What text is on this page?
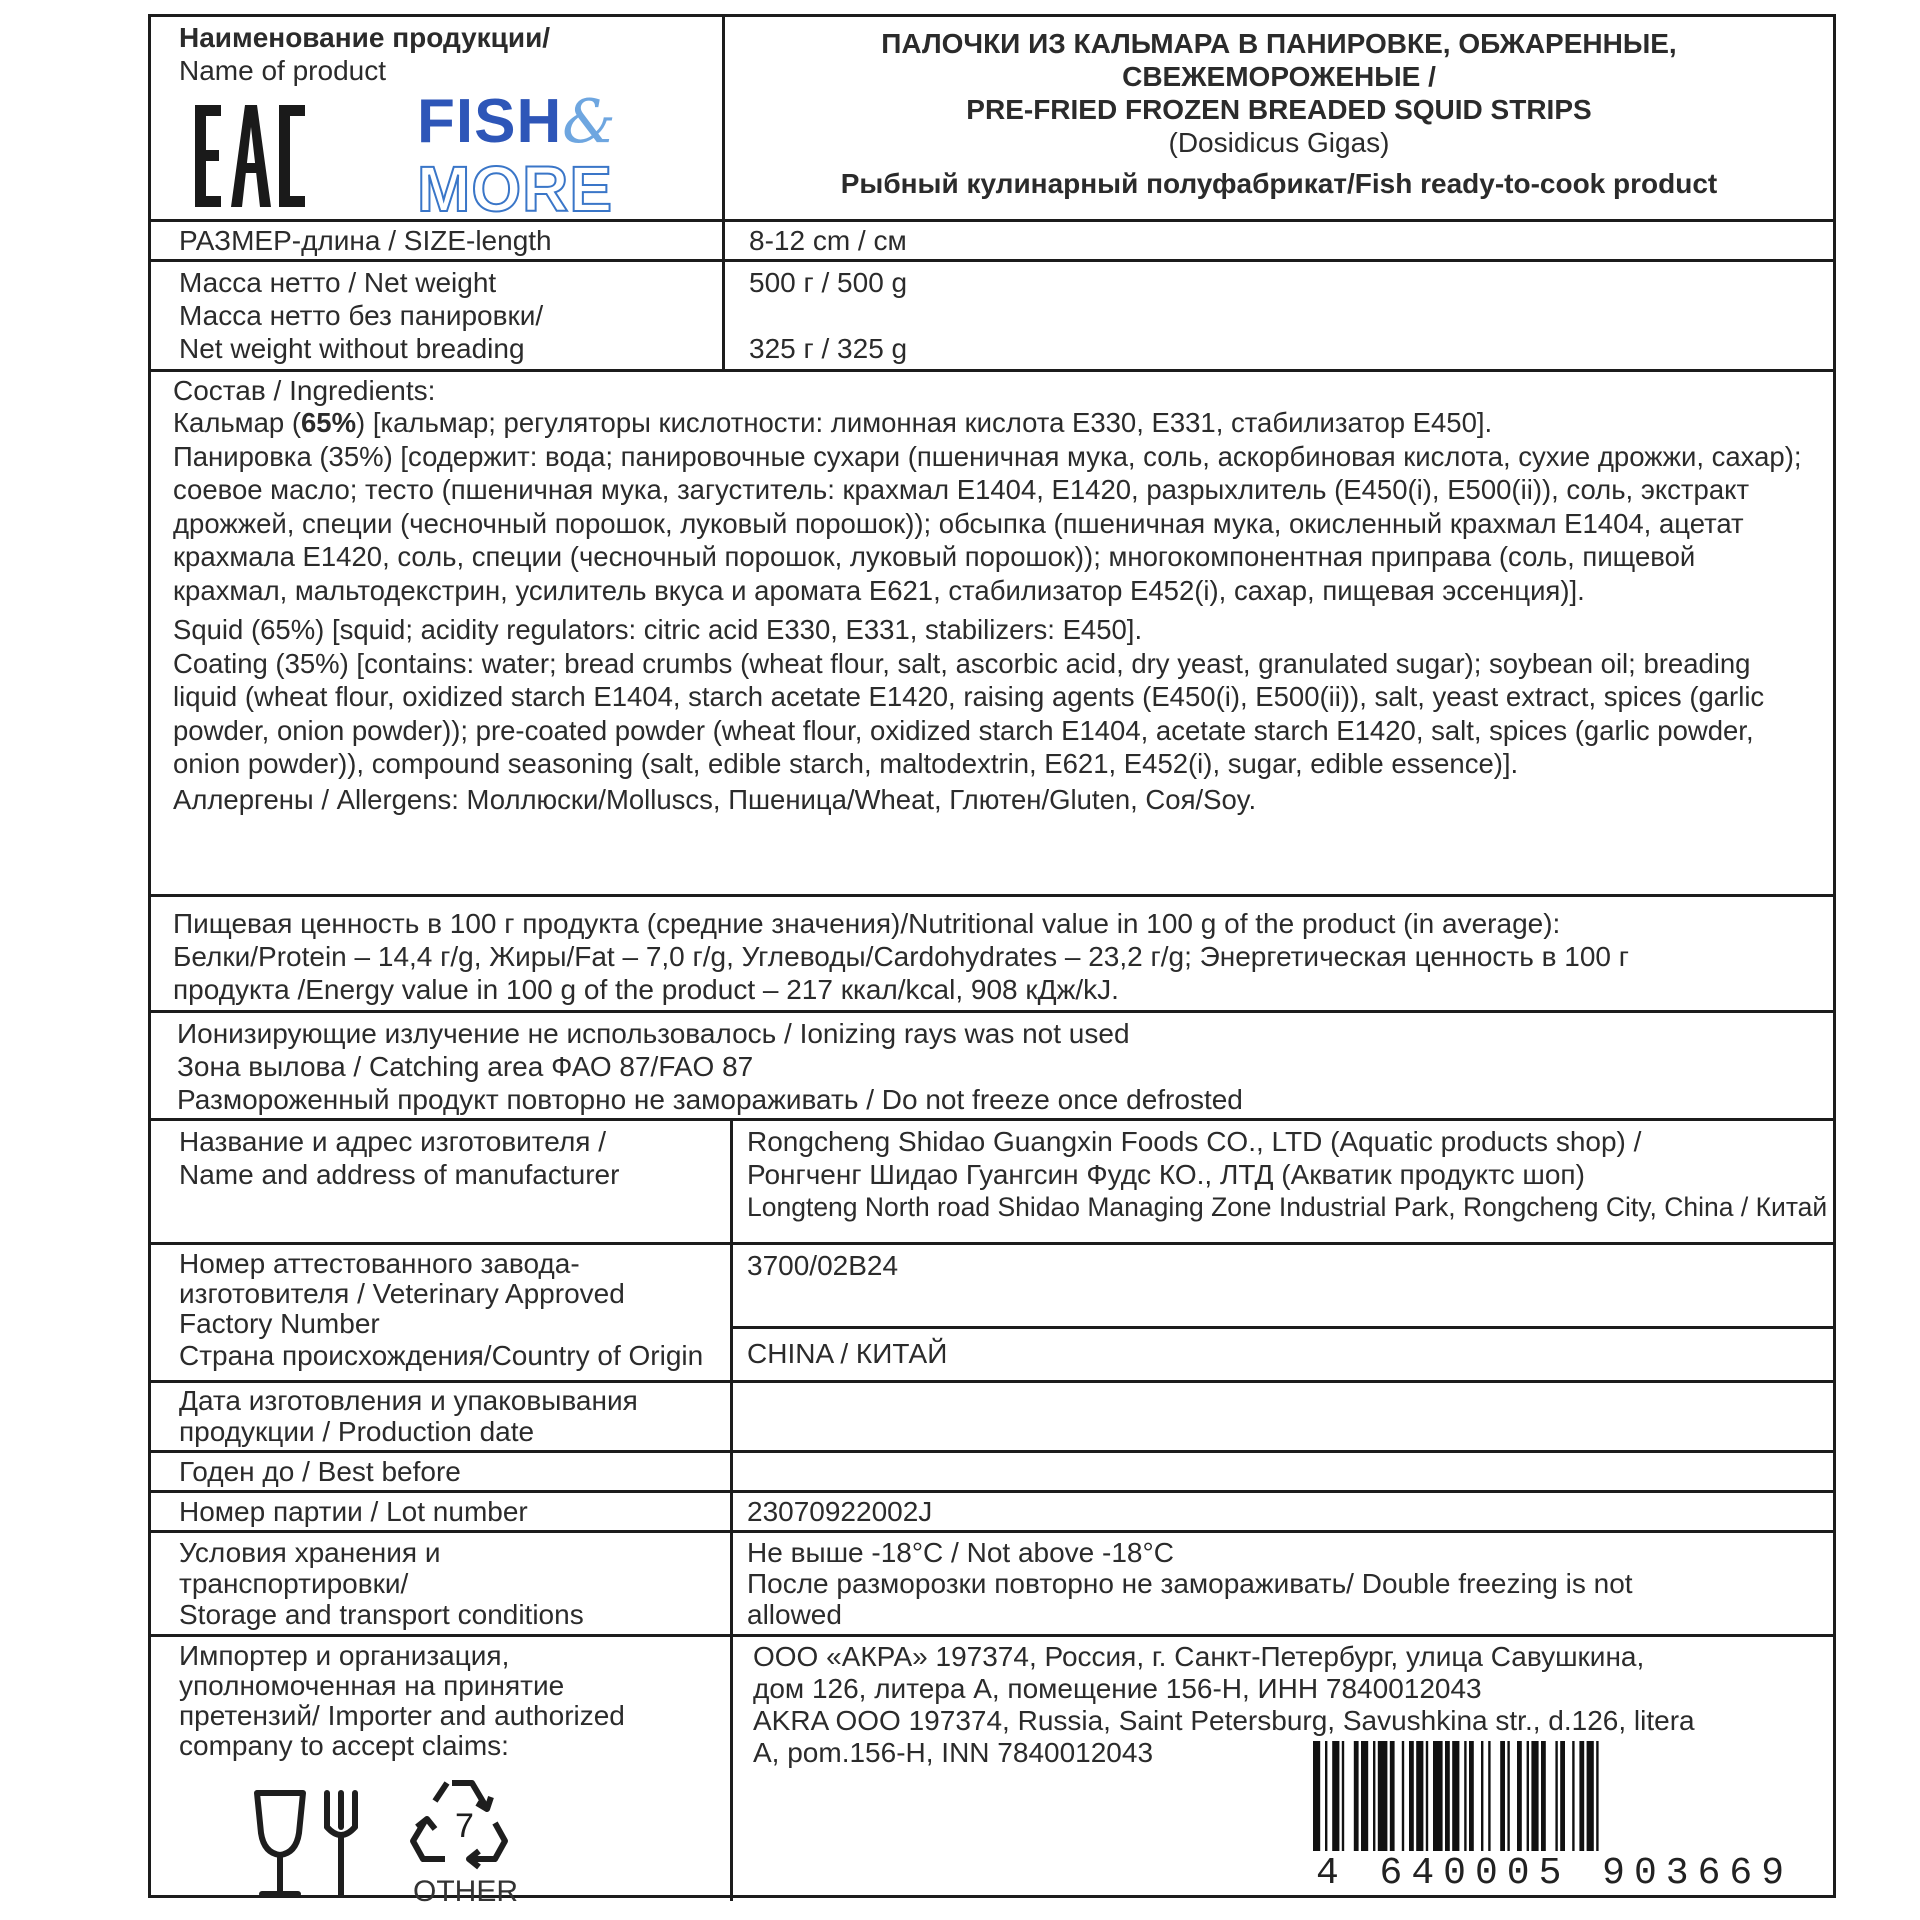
Наименование продукции/
Name of product
FISH&
MORE
ПАЛОЧКИ ИЗ КАЛЬМАРА В ПАНИРОВКЕ, ОБЖАРЕННЫЕ,
СВЕЖЕМОРОЖЕНЫЕ /
PRE-FRIED FROZEN BREADED SQUID STRIPS
(Dosidicus Gigas)
Рыбный кулинарный полуфабрикат/Fish ready-to-cook product
РАЗМЕР-длина / SIZE-length	8-12 cm / см
Масса нетто / Net weight
Масса нетто без панировки/
Net weight without breading
500 г / 500 g
325 г / 325 g
Состав / Ingredients:
Кальмар (65%) [кальмар; регуляторы кислотности: лимонная кислота Е330, Е331, стабилизатор Е450].
Панировка (35%) [содержит: вода; панировочные сухари (пшеничная мука, соль, аскорбиновая кислота, сухие дрожжи, сахар); соевое масло; тесто (пшеничная мука, загуститель: крахмал Е1404, Е1420, разрыхлитель (Е450(i), Е500(ii)), соль, экстракт дрожжей, специи (чесночный порошок, луковый порошок)); обсыпка (пшеничная мука, окисленный крахмал Е1404, ацетат крахмала Е1420, соль, специи (чесночный порошок, луковый порошок)); многокомпонентная приправа (соль, пищевой крахмал, мальтодекстрин, усилитель вкуса и аромата Е621, стабилизатор Е452(i), сахар, пищевая эссенция)].
Squid (65%) [squid; acidity regulators: citric acid E330, E331, stabilizers: E450].
Coating (35%) [contains: water; bread crumbs (wheat flour, salt, ascorbic acid, dry yeast, granulated sugar); soybean oil; breading liquid (wheat flour, oxidized starch E1404, starch acetate E1420, raising agents (E450(i), E500(ii)), salt, yeast extract, spices (garlic powder, onion powder)); pre-coated powder (wheat flour, oxidized starch E1404, acetate starch E1420, salt, spices (garlic powder, onion powder)), compound seasoning (salt, edible starch, maltodextrin, E621, E452(i), sugar, edible essence)].
Аллергены / Allergens: Моллюски/Molluscs, Пшеница/Wheat, Глютен/Gluten, Соя/Soy.
Пищевая ценность в 100 г продукта (средние значения)/Nutritional value in 100 g of the product (in average):
Белки/Protein – 14,4 г/g, Жиры/Fat – 7,0 г/g, Углеводы/Cardohydrates – 23,2 г/g; Энергетическая ценность в 100 г
продукта /Energy value in 100 g of the product – 217 ккал/kcal, 908 кДж/kJ.
Ионизирующие излучение не использовалось / Ionizing rays was not used
Зона вылова / Catching area ФАО 87/FAO 87
Размороженный продукт повторно не замораживать / Do not freeze once defrosted
Название и адрес изготовителя /
Name and address of manufacturer
Rongcheng Shidao Guangxin Foods CO., LTD (Aquatic products shop) /
Ронгченг Шидао Гуангсин Фудс КО., ЛТД (Акватик продуктс шоп)
Longteng North road Shidao Managing Zone Industrial Park, Rongcheng City, China / Китай
Номер аттестованного завода-
изготовителя / Veterinary Approved
Factory Number
Страна происхождения/Country of Origin
3700/02B24
CHINA / КИТАЙ
Дата изготовления и упаковывания
продукции / Production date
Годен до / Best before
Номер партии / Lot number	23070922002J
Условия хранения и
транспортировки/
Storage and transport conditions
Не выше -18°С / Not above -18°С
После разморозки повторно не замораживать/ Double freezing is not
allowed
Импортер и организация,
уполномоченная на принятие
претензий/ Importer and authorized
company to accept claims:
7
OTHER
ООО «АКРА» 197374, Россия, г. Санкт-Петербург, улица Савушкина,
дом 126, литера А, помещение 156-Н, ИНН 7840012043
AKRA OOO 197374, Russia, Saint Petersburg, Savushkina str., d.126, litera
A, pom.156-H, INN 7840012043
4 640005 903669
